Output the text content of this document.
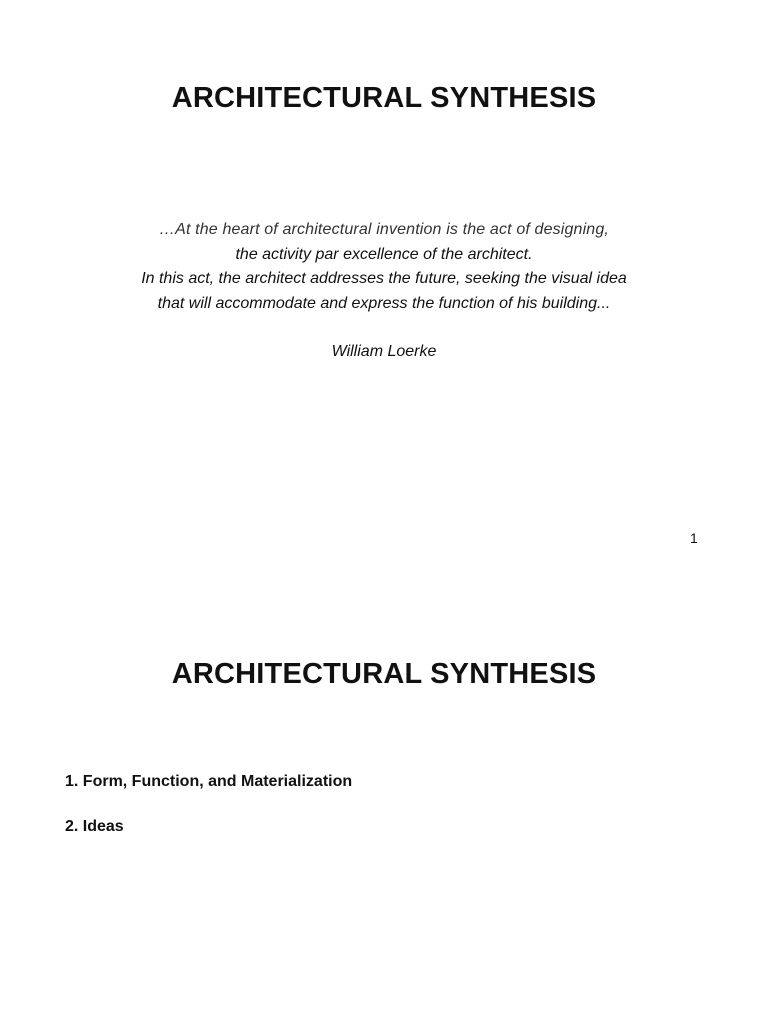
ARCHITECTURAL SYNTHESIS

…At the heart of architectural invention is the act of designing,

the activity par excellence of the architect.

In this act, the architect addresses the future, seeking the visual idea

that will accommodate and express the function of his building...

William Loerke
1
ARCHITECTURAL SYNTHESIS
1. Form, Function, and Materialization
2. Ideas
